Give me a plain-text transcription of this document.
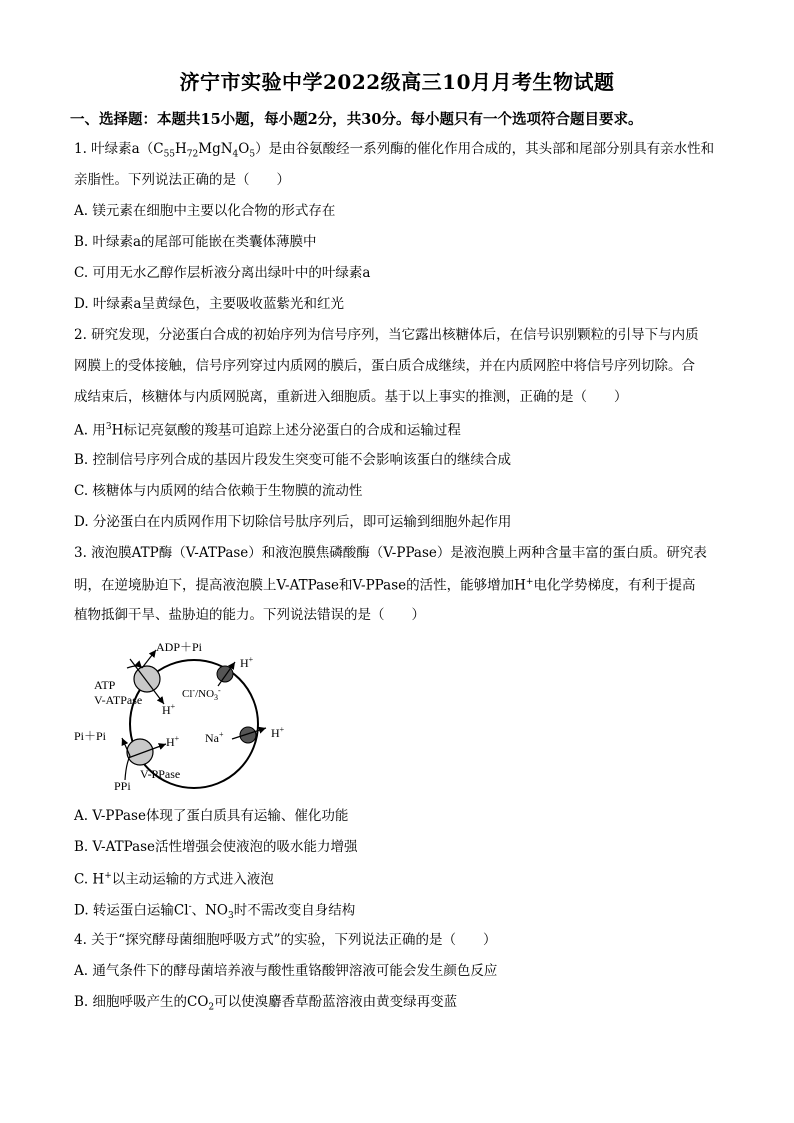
济宁市实验中学2022级高三10月月考生物试题
一、选择题：本题共15小题，每小题2分，共30分。每小题只有一个选项符合题目要求。
1. 叶绿素$a(C_{55}H_{72}MgN_4O_5)$是由谷氨酸经一系列酶的催化作用合成的，其头部和尾部分别具有亲水性和
亲脂性。下列说法正确的是（　　）
A. 镁元素在细胞中主要以化合物的形式存在
B. 叶绿素a的尾部可能嵌在类囊体薄膜中
C. 可用无水乙醇作层析液分离出绿叶中的叶绿素a
D. 叶绿素a呈黄绿色，主要吸收蓝紫光和红光
2. 研究发现，分泌蛋白合成的初始序列为信号序列，当它露出核糖体后，在信号识别颗粒的引导下与内质
网膜上的受体接触，信号序列穿过内质网的膜后，蛋白质合成继续，并在内质网腔中将信号序列切除。合
成结束后，核糖体与内质网脱离，重新进入细胞质。基于以上事实的推测，正确的是（　　）
A. 用$^3$H标记亮氨酸的羧基可追踪上述分泌蛋白的合成和运输过程
B. 控制信号序列合成的基因片段发生突变可能不会影响该蛋白的继续合成
C. 核糖体与内质网的结合依赖于生物膜的流动性
D. 分泌蛋白在内质网作用下切除信号肽序列后，即可运输到细胞外起作用
3. 液泡膜ATP酶（V-ATPase）和液泡膜焦磷酸酶（V-PPase）是液泡膜上两种含量丰富的蛋白质。研究表
明，在逆境胁迫下，提高液泡膜上V-ATPase和V-PPase的活性，能够增加H+电化学势梯度，有利于提高
植物抵御干旱、盐胁迫的能力。下列说法错误的是（　　）
ADP＋Pi
ATP
V-ATPase
H+
H+
$Cl^-/NO_3^-$
Pi＋Pi	H+ Na+	H+
V-PPase
PPi
A. V-PPase体现了蛋白质具有运输、催化功能
B. V-ATPase活性增强会使液泡的吸水能力增强
C. H+以主动运输的方式进入液泡
D. 转运蛋白运输Cl-、$NO_3$时不需改变自身结构
4. 关于“探究酵母菌细胞呼吸方式”的实验，下列说法正确的是（　　）
A. 通气条件下的酵母菌培养液与酸性重铬酸钾溶液可能会发生颜色反应
B. 细胞呼吸产生的$CO_2$可以使溴麝香草酚蓝溶液由黄变绿再变蓝
